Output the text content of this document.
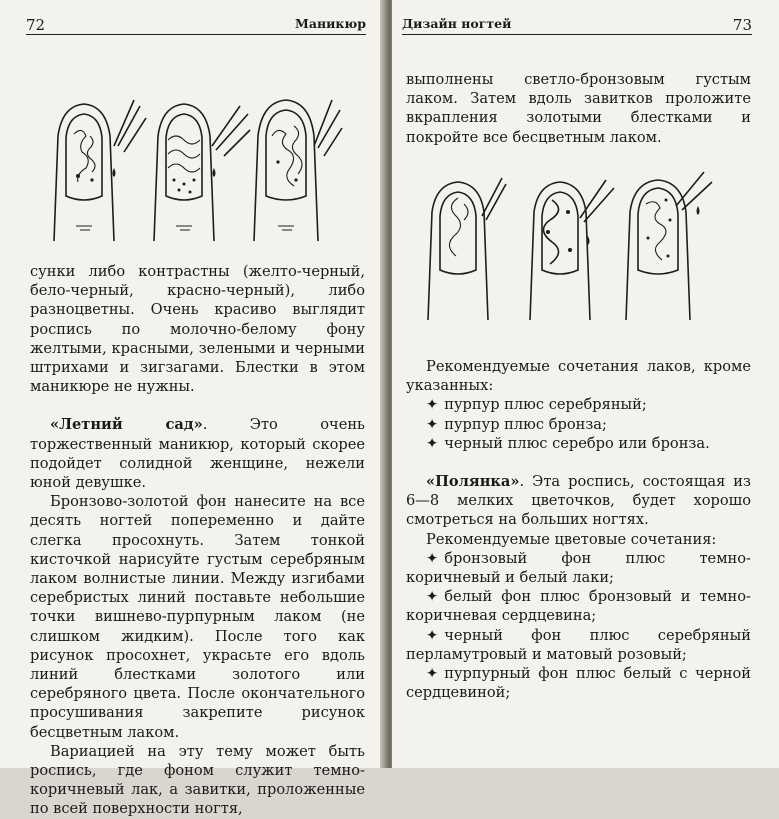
72	Маникюр

сунки либо контрастны (желто-черный, бело-черный, красно-черный), либо разноцветны. Очень красиво выглядит роспись по молочно-белому фону желтыми, красными, зелеными и черными штрихами и зигзагами. Блестки в этом маникюре не нужны.

«Летний сад». Это очень торжественный маникюр, который скорее подойдет солидной женщине, нежели юной девушке.

Бронзово-золотой фон нанесите на все десять ногтей попеременно и дайте слегка просохнуть. Затем тонкой кисточкой нарисуйте густым серебряным лаком волнистые линии. Между изгибами серебристых линий поставьте небольшие точки вишнево-пурпурным лаком (не слишком жидким). После того как рисунок просохнет, украсьте его вдоль линий блестками золотого или серебряного цвета. После окончательного просушивания закрепите рисунок бесцветным лаком.

Вариацией на эту тему может быть роспись, где фоном служит темно-коричневый лак, а завитки, проложенные по всей поверхности ногтя,

Дизайн ногтей	73

выполнены светло-бронзовым густым лаком. Затем вдоль завитков проложите вкрапления золотыми блестками и покройте все бесцветным лаком.

Рекомендуемые сочетания лаков, кроме указанных:

✦ пурпур плюс серебряный;

✦ пурпур плюс бронза;

✦ черный плюс серебро или бронза.

«Полянка». Эта роспись, состоящая из 6—8 мелких цветочков, будет хорошо смотреться на больших ногтях.

Рекомендуемые цветовые сочетания:

✦ бронзовый фон плюс темно-коричневый и белый лаки;

✦ белый фон плюс бронзовый и темно-коричневая сердцевина;

✦ черный фон плюс серебряный перламутровый и матовый розовый;

✦ пурпурный фон плюс белый с черной сердцевиной;
